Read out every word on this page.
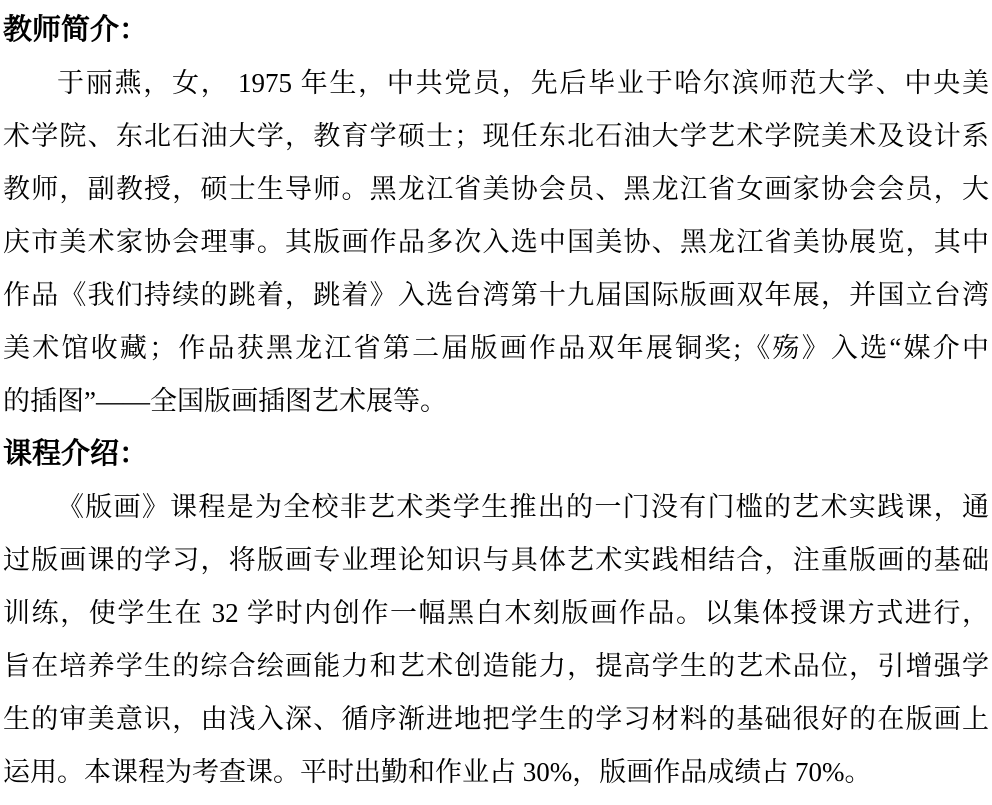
教师简介：
于丽燕，女， 1975 年生，中共党员，先后毕业于哈尔滨师范大学、中央美
术学院、东北石油大学，教育学硕士；现任东北石油大学艺术学院美术及设计系
教师，副教授，硕士生导师。黑龙江省美协会员、黑龙江省女画家协会会员，大
庆市美术家协会理事。其版画作品多次入选中国美协、黑龙江省美协展览，其中
作品《我们持续的跳着，跳着》入选台湾第十九届国际版画双年展，并国立台湾
美术馆收藏；作品获黑龙江省第二届版画作品双年展铜奖;《殇》入选“媒介中
的插图”——全国版画插图艺术展等。
课程介绍：
《版画》课程是为全校非艺术类学生推出的一门没有门槛的艺术实践课，通
过版画课的学习，将版画专业理论知识与具体艺术实践相结合，注重版画的基础
训练，使学生在 32 学时内创作一幅黑白木刻版画作品。以集体授课方式进行，
旨在培养学生的综合绘画能力和艺术创造能力，提高学生的艺术品位，引增强学
生的审美意识，由浅入深、循序渐进地把学生的学习材料的基础很好的在版画上
运用。本课程为考查课。平时出勤和作业占 30%，版画作品成绩占 70%。
